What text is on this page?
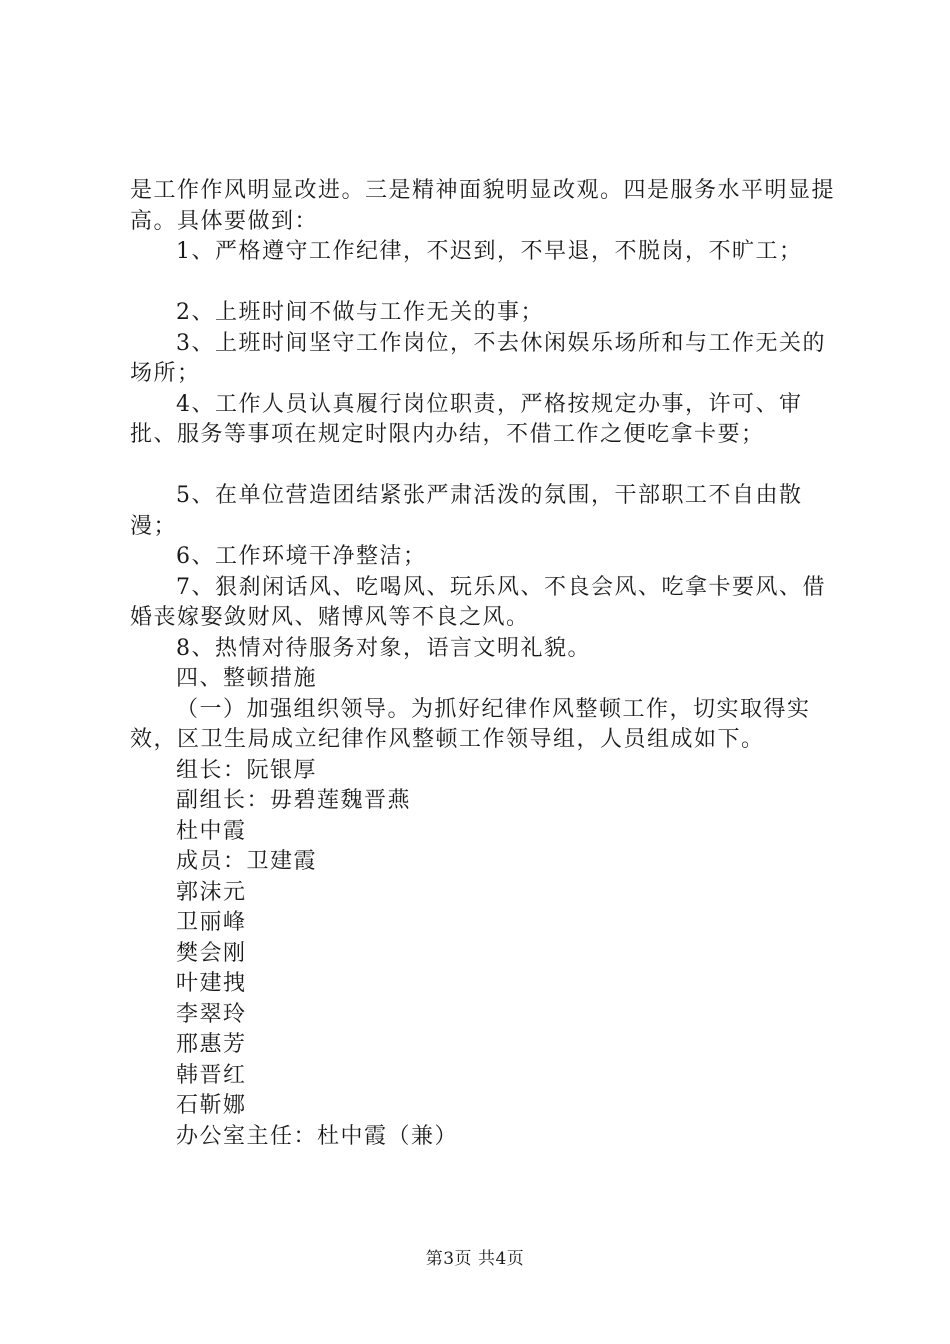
是工作作风明显改进。三是精神面貌明显改观。四是服务水平明显提高。具体要做到：

1、严格遵守工作纪律，不迟到，不早退，不脱岗，不旷工；

2、上班时间不做与工作无关的事；

3、上班时间坚守工作岗位，不去休闲娱乐场所和与工作无关的场所；

4、工作人员认真履行岗位职责，严格按规定办事，许可、审批、服务等事项在规定时限内办结，不借工作之便吃拿卡要；

5、在单位营造团结紧张严肃活泼的氛围，干部职工不自由散漫；

6、工作环境干净整洁；

7、狠刹闲话风、吃喝风、玩乐风、不良会风、吃拿卡要风、借婚丧嫁娶敛财风、赌博风等不良之风。

8、热情对待服务对象，语言文明礼貌。

四、整顿措施

（一）加强组织领导。为抓好纪律作风整顿工作，切实取得实效，区卫生局成立纪律作风整顿工作领导组，人员组成如下。

组长：阮银厚

副组长：毋碧莲魏晋燕

杜中霞

成员：卫建霞

郭沫元

卫丽峰

樊会刚

叶建拽

李翠玲

邢惠芳

韩晋红

石靳娜

办公室主任：杜中霞（兼）

第3页 共4页
